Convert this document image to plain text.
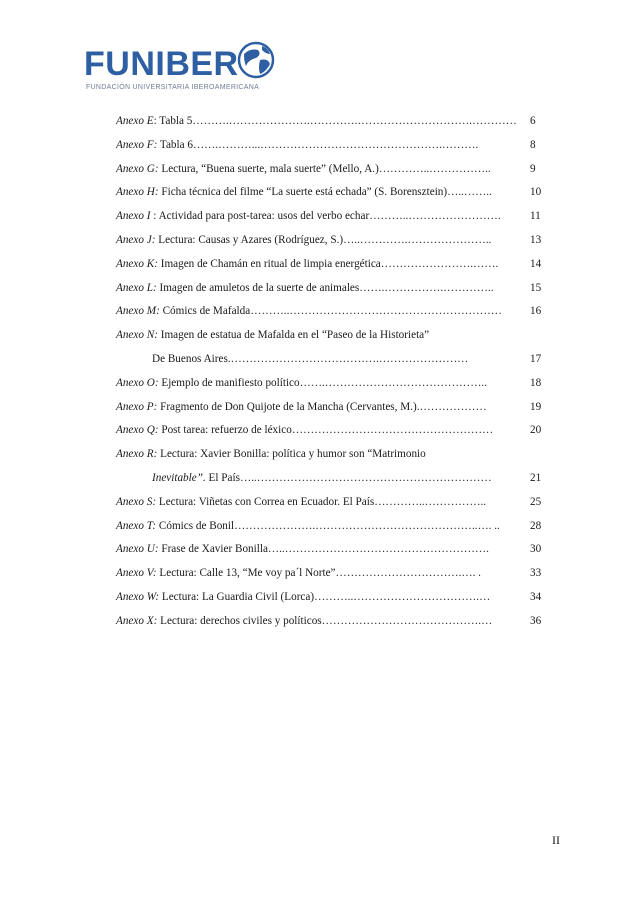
FUNIBER
FUNDACIÓN UNIVERSITARIA IBEROAMERICANA
Anexo E: Tabla 5……….………………….………….………………………….………… 6
Anexo F: Tabla 6…….………...………………………………………….……….	8
Anexo G: Lectura, “Buena suerte, mala suerte” (Mello, A.)…………..……………..	9
Anexo H: Ficha técnica del filme “La suerte está echada” (S. Borensztein)…..……..	10
Anexo I : Actividad para post-tarea: usos del verbo echar………..…………………….	11
Anexo J: Lectura: Causas y Azares (Rodríguez, S.)…..………….…………………..	13
Anexo K: Imagen de Chamán en ritual de limpia energética…………………….…….	14
Anexo L: Imagen de amuletos de la suerte de animales…….…………….…………..	15
Anexo M: Cómics de Mafalda………..…………………………………………………	16
Anexo N: Imagen de estatua de Mafalda en el “Paseo de la Historieta”
De Buenos Aires.………………………………….……………………	17
Anexo O: Ejemplo de manifiesto político…….……………………………………..	18
Anexo P: Fragmento de Don Quijote de la Mancha (Cervantes, M.).………………	19
Anexo Q: Post tarea: refuerzo de léxico………………………………………………	20
Anexo R: Lectura: Xavier Bonilla: política y humor son “Matrimonio
Inevitable”. El País…..………………………………………………………	21
Anexo S: Lectura: Viñetas con Correa en Ecuador. El País…………..……………..	25
Anexo T: Cómics de Bonil………………….……………………………………..…. ..	28
Anexo U: Frase de Xavier Bonilla…..……………………………………………….	30
Anexo V: Lectura: Calle 13, “Me voy pa´l Norte”…………………………….…. .	33
Anexo W: Lectura: La Guardia Civil (Lorca)………..…………………………….…	34
Anexo X: Lectura: derechos civiles y políticos…………………………………….…	36
II
